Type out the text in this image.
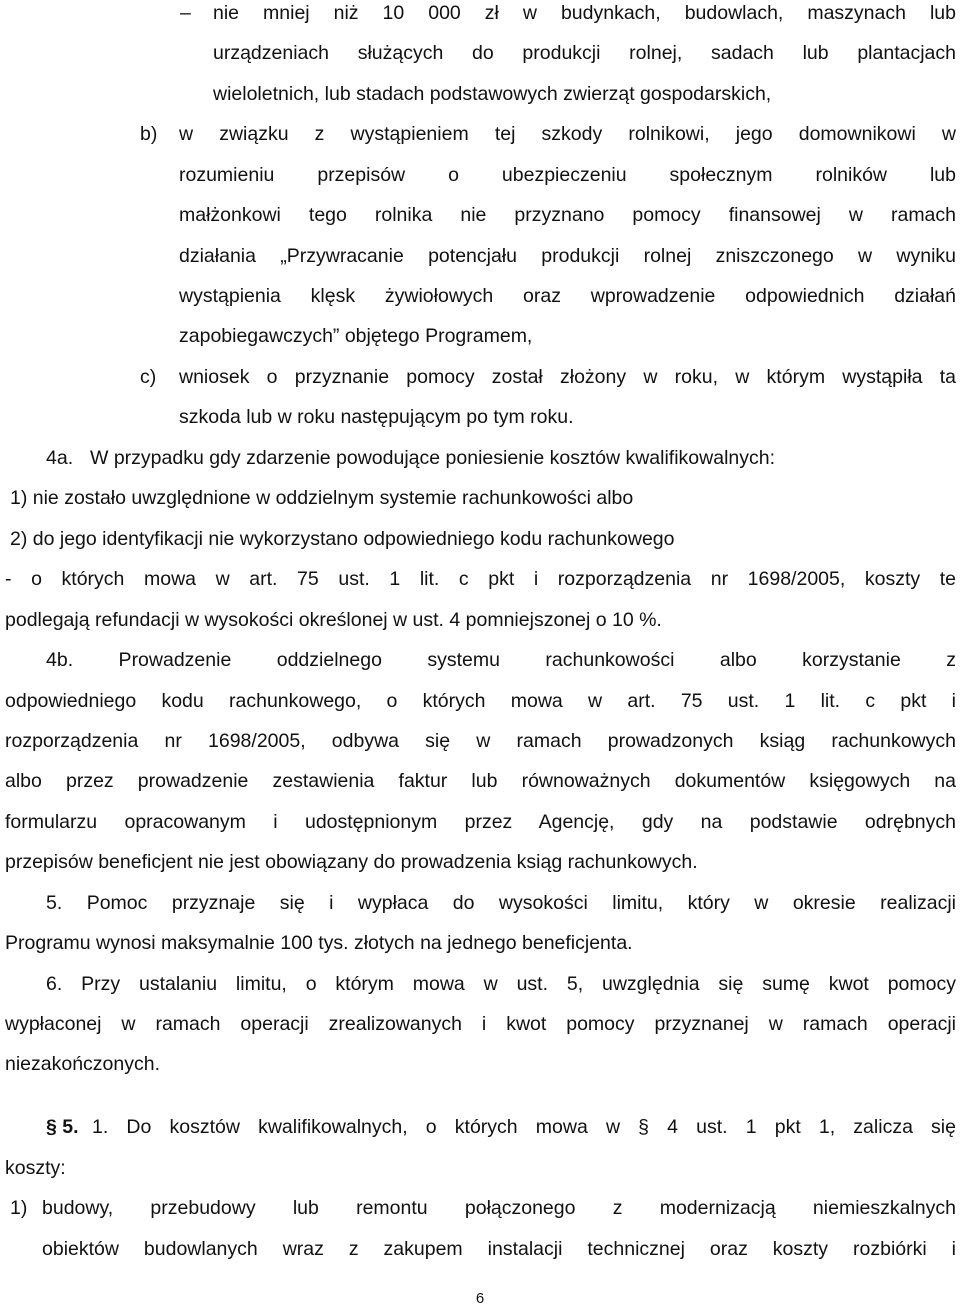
– nie mniej niż 10 000 zł w budynkach, budowlach, maszynach lub
urządzeniach służących do produkcji rolnej, sadach lub plantacjach
wieloletnich, lub stadach podstawowych zwierząt gospodarskich,
b) w związku z wystąpieniem tej szkody rolnikowi, jego domownikowi w
rozumieniu przepisów o ubezpieczeniu społecznym rolników lub
małżonkowi tego rolnika nie przyznano pomocy finansowej w ramach
działania „Przywracanie potencjału produkcji rolnej zniszczonego w wyniku
wystąpienia klęsk żywiołowych oraz wprowadzenie odpowiednich działań
zapobiegawczych” objętego Programem,
c) wniosek o przyznanie pomocy został złożony w roku, w którym wystąpiła ta
szkoda lub w roku następującym po tym roku.
4a. W przypadku gdy zdarzenie powodujące poniesienie kosztów kwalifikowalnych:
1) nie zostało uwzględnione w oddzielnym systemie rachunkowości albo
2) do jego identyfikacji nie wykorzystano odpowiedniego kodu rachunkowego
- o których mowa w art. 75 ust. 1 lit. c pkt i rozporządzenia nr 1698/2005, koszty te
podlegają refundacji w wysokości określonej w ust. 4 pomniejszonej o 10 %.
4b. Prowadzenie oddzielnego systemu rachunkowości albo korzystanie z
odpowiedniego kodu rachunkowego, o których mowa w art. 75 ust. 1 lit. c pkt i
rozporządzenia nr 1698/2005, odbywa się w ramach prowadzonych ksiąg rachunkowych
albo przez prowadzenie zestawienia faktur lub równoważnych dokumentów księgowych na
formularzu opracowanym i udostępnionym przez Agencję, gdy na podstawie odrębnych
przepisów beneficjent nie jest obowiązany do prowadzenia ksiąg rachunkowych.
5. Pomoc przyznaje się i wypłaca do wysokości limitu, który w okresie realizacji
Programu wynosi maksymalnie 100 tys. złotych na jednego beneficjenta.
6. Przy ustalaniu limitu, o którym mowa w ust. 5, uwzględnia się sumę kwot pomocy
wypłaconej w ramach operacji zrealizowanych i kwot pomocy przyznanej w ramach operacji
niezakończonych.
§ 5. 1. Do kosztów kwalifikowalnych, o których mowa w § 4 ust. 1 pkt 1, zalicza się
koszty:
1) budowy, przebudowy lub remontu połączonego z modernizacją niemieszkalnych
obiektów budowlanych wraz z zakupem instalacji technicznej oraz koszty rozbiórki i
6
